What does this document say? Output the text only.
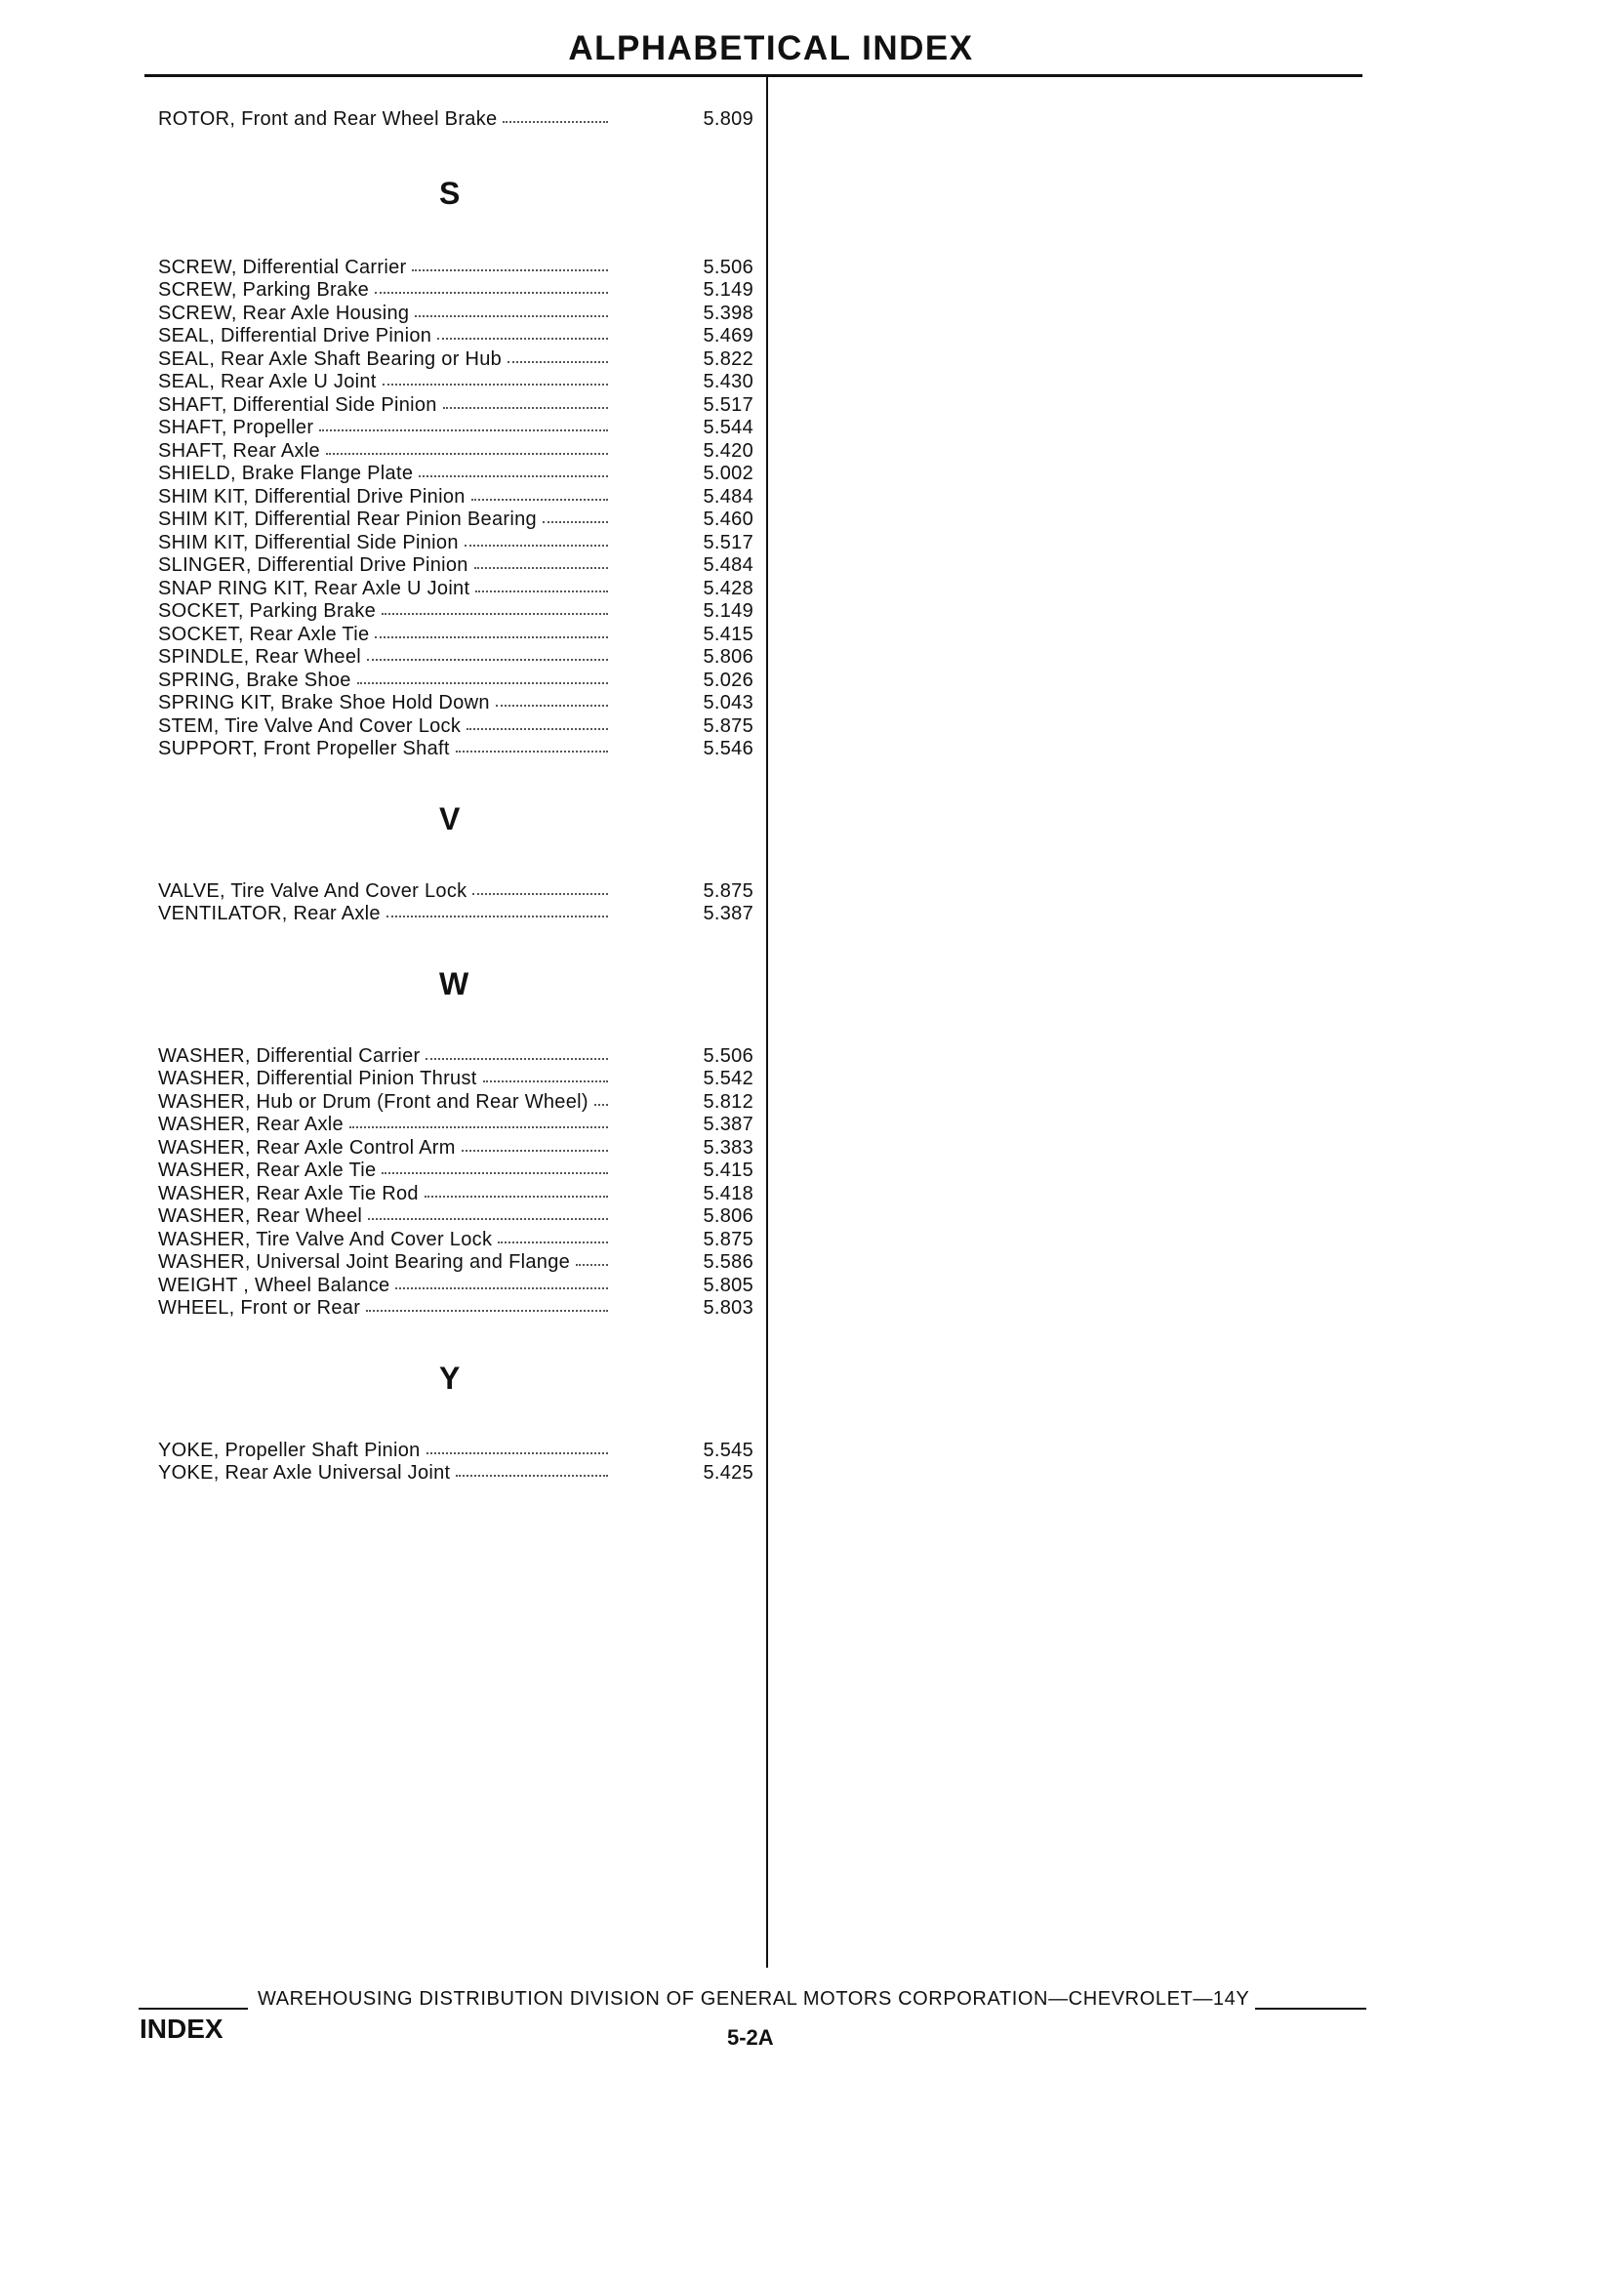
ALPHABETICAL INDEX
ROTOR, Front and Rear Wheel Brake	5.809
S
SCREW, Differential Carrier	5.506
SCREW, Parking Brake	5.149
SCREW, Rear Axle Housing	5.398
SEAL, Differential Drive Pinion	5.469
SEAL, Rear Axle Shaft Bearing or Hub	5.822
SEAL, Rear Axle U Joint	5.430
SHAFT, Differential Side Pinion	5.517
SHAFT, Propeller	5.544
SHAFT, Rear Axle	5.420
SHIELD, Brake Flange Plate	5.002
SHIM KIT, Differential Drive Pinion	5.484
SHIM KIT, Differential Rear Pinion Bearing	5.460
SHIM KIT, Differential Side Pinion	5.517
SLINGER, Differential Drive Pinion	5.484
SNAP RING KIT, Rear Axle U Joint	5.428
SOCKET, Parking Brake	5.149
SOCKET, Rear Axle Tie	5.415
SPINDLE, Rear Wheel	5.806
SPRING, Brake Shoe	5.026
SPRING KIT, Brake Shoe Hold Down	5.043
STEM, Tire Valve And Cover Lock	5.875
SUPPORT, Front Propeller Shaft	5.546
V
VALVE, Tire Valve And Cover Lock	5.875
VENTILATOR, Rear Axle	5.387
W
WASHER, Differential Carrier	5.506
WASHER, Differential Pinion Thrust	5.542
WASHER, Hub or Drum (Front and Rear Wheel)	5.812
WASHER, Rear Axle	5.387
WASHER, Rear Axle Control Arm	5.383
WASHER, Rear Axle Tie	5.415
WASHER, Rear Axle Tie Rod	5.418
WASHER, Rear Wheel	5.806
WASHER, Tire Valve And Cover Lock	5.875
WASHER, Universal Joint Bearing and Flange	5.586
WEIGHT , Wheel Balance	5.805
WHEEL, Front or Rear	5.803
Y
YOKE, Propeller Shaft Pinion	5.545
YOKE, Rear Axle Universal Joint	5.425
WAREHOUSING DISTRIBUTION DIVISION OF GENERAL MOTORS CORPORATION—CHEVROLET—14Y
INDEX	5-2A
